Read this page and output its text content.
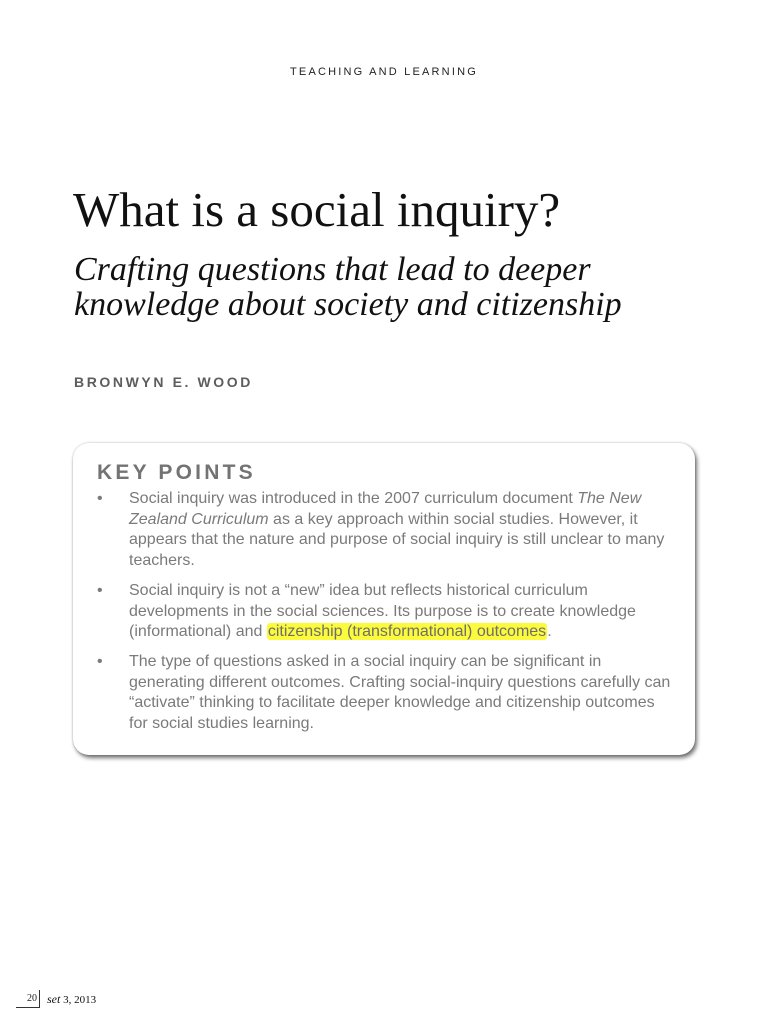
TEACHING AND LEARNING
What is a social inquiry?
Crafting questions that lead to deeper
knowledge about society and citizenship
BRONWYN E. WOOD
KEY POINTS
• Social inquiry was introduced in the 2007 curriculum document The New Zealand Curriculum as a key approach within social studies. However, it appears that the nature and purpose of social inquiry is still unclear to many teachers.
• Social inquiry is not a “new” idea but reflects historical curriculum developments in the social sciences. Its purpose is to create knowledge (informational) and citizenship (transformational) outcomes.
• The type of questions asked in a social inquiry can be significant in generating different outcomes. Crafting social-inquiry questions carefully can “activate” thinking to facilitate deeper knowledge and citizenship outcomes for social studies learning.
20 set 3, 2013
